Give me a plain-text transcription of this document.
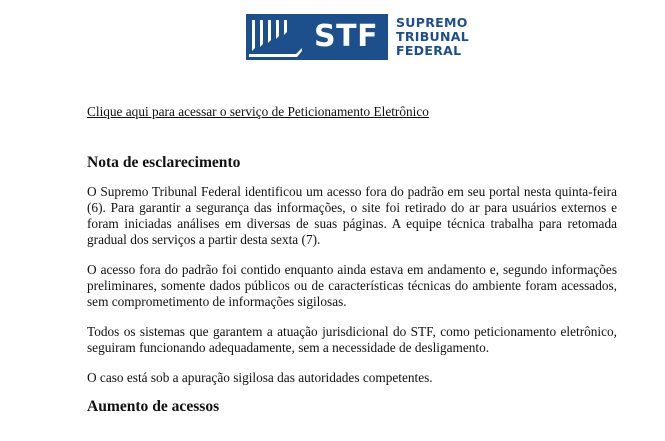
STF SUPREMO
TRIBUNAL
FEDERAL
Clique aqui para acessar o serviço de Peticionamento Eletrônico
Nota de esclarecimento

O Supremo Tribunal Federal identificou um acesso fora do padrão em seu portal nesta quinta-feira (6). Para garantir a segurança das informações, o site foi retirado do ar para usuários externos e foram iniciadas análises em diversas de suas páginas. A equipe técnica trabalha para retomada gradual dos serviços a partir desta sexta (7).

O acesso fora do padrão foi contido enquanto ainda estava em andamento e, segundo informações preliminares, somente dados públicos ou de características técnicas do ambiente foram acessados, sem comprometimento de informações sigilosas.

Todos os sistemas que garantem a atuação jurisdicional do STF, como peticionamento eletrônico, seguiram funcionando adequadamente, sem a necessidade de desligamento.

O caso está sob a apuração sigilosa das autoridades competentes.

Aumento de acessos
